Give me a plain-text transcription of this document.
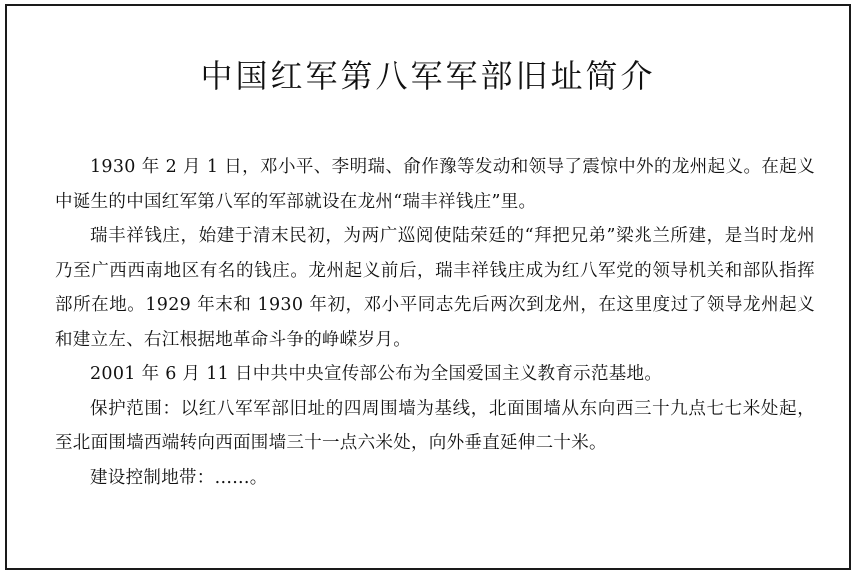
中国红军第八军军部旧址简介

1930 年 2 月 1 日，邓小平、李明瑞、俞作豫等发动和领导了震惊中外的龙州起义。在起义中诞生的中国红军第八军的军部就设在龙州“瑞丰祥钱庄”里。

瑞丰祥钱庄，始建于清末民初，为两广巡阅使陆荣廷的“拜把兄弟”梁兆兰所建，是当时龙州乃至广西西南地区有名的钱庄。龙州起义前后，瑞丰祥钱庄成为红八军党的领导机关和部队指挥部所在地。1929 年末和 1930 年初，邓小平同志先后两次到龙州，在这里度过了领导龙州起义和建立左、右江根据地革命斗争的峥嵘岁月。

2001 年 6 月 11 日中共中央宣传部公布为全国爱国主义教育示范基地。

保护范围：以红八军军部旧址的四周围墙为基线，北面围墙从东向西三十九点七七米处起，至北面围墙西端转向西面围墙三十一点六米处，向外垂直延伸二十米。

建设控制地带：......。
